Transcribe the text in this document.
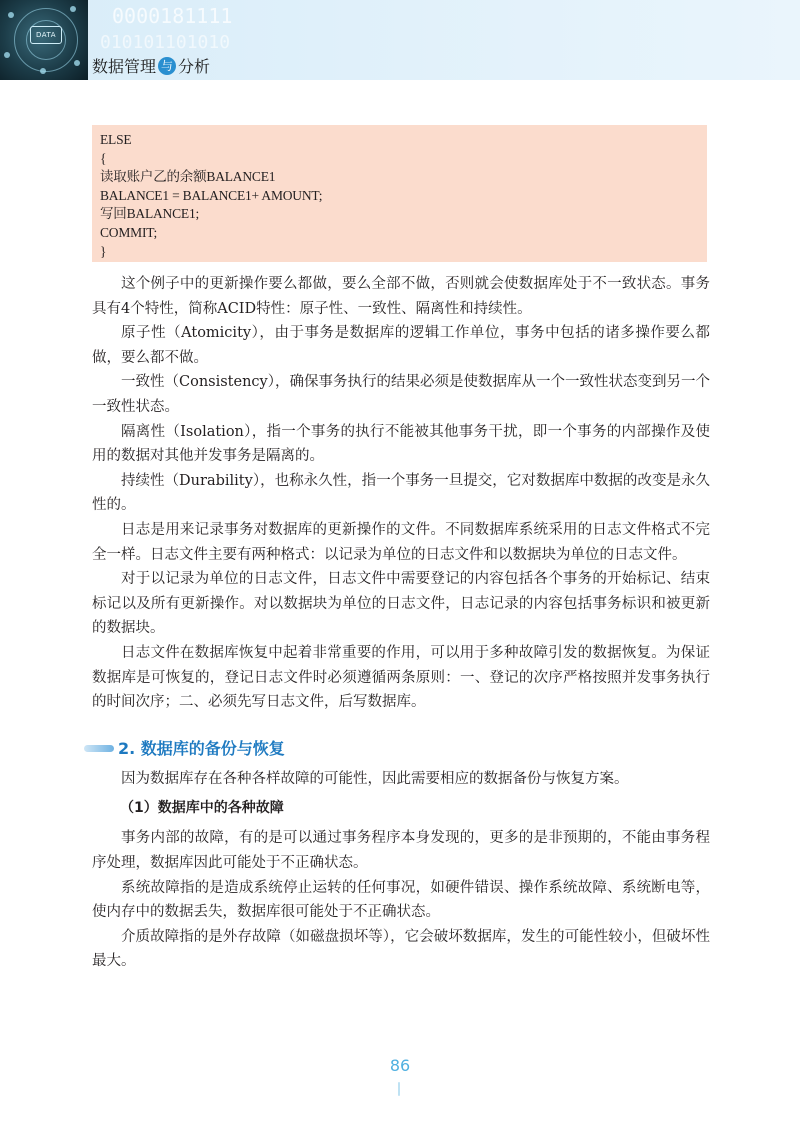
DATA
0000181111
010101101010
数据管理 与 分析
ELSE
{
读取账户乙的余额BALANCE1
BALANCE1 = BALANCE1+ AMOUNT;
写回BALANCE1;
COMMIT;
}

这个例子中的更新操作要么都做，要么全部不做，否则就会使数据库处于不一致状态。事务具有4个特性，简称ACID特性：原子性、一致性、隔离性和持续性。

原子性（Atomicity），由于事务是数据库的逻辑工作单位，事务中包括的诸多操作要么都做，要么都不做。

一致性（Consistency），确保事务执行的结果必须是使数据库从一个一致性状态变到另一个一致性状态。

隔离性（Isolation），指一个事务的执行不能被其他事务干扰，即一个事务的内部操作及使用的数据对其他并发事务是隔离的。

持续性（Durability），也称永久性，指一个事务一旦提交，它对数据库中数据的改变是永久性的。

日志是用来记录事务对数据库的更新操作的文件。不同数据库系统采用的日志文件格式不完全一样。日志文件主要有两种格式：以记录为单位的日志文件和以数据块为单位的日志文件。

对于以记录为单位的日志文件，日志文件中需要登记的内容包括各个事务的开始标记、结束标记以及所有更新操作。对以数据块为单位的日志文件，日志记录的内容包括事务标识和被更新的数据块。

日志文件在数据库恢复中起着非常重要的作用，可以用于多种故障引发的数据恢复。为保证数据库是可恢复的，登记日志文件时必须遵循两条原则：一、登记的次序严格按照并发事务执行的时间次序；二、必须先写日志文件，后写数据库。

2. 数据库的备份与恢复

因为数据库存在各种各样故障的可能性，因此需要相应的数据备份与恢复方案。

（1）数据库中的各种故障

事务内部的故障，有的是可以通过事务程序本身发现的，更多的是非预期的，不能由事务程序处理，数据库因此可能处于不正确状态。

系统故障指的是造成系统停止运转的任何事况，如硬件错误、操作系统故障、系统断电等，使内存中的数据丢失，数据库很可能处于不正确状态。

介质故障指的是外存故障（如磁盘损坏等），它会破坏数据库，发生的可能性较小，但破坏性最大。

86
